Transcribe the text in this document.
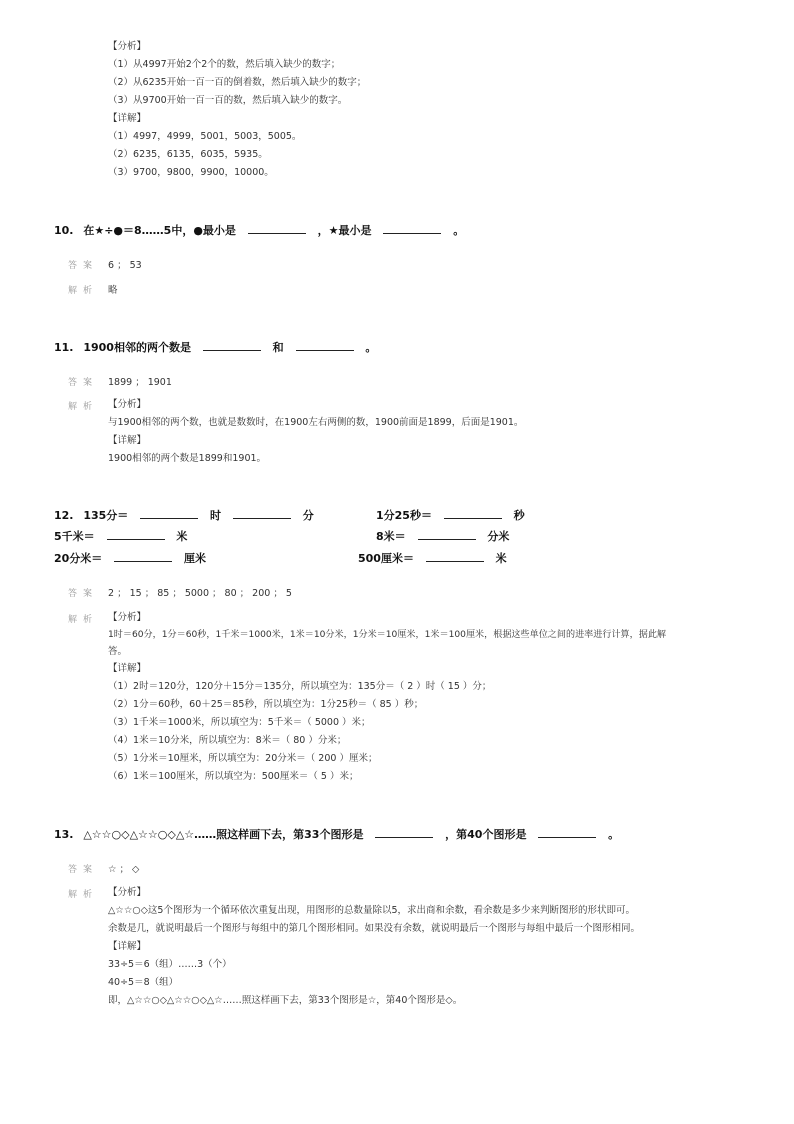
【分析】
（1）从4997开始2个2个的数，然后填入缺少的数字；
（2）从6235开始一百一百的倒着数，然后填入缺少的数字；
（3）从9700开始一百一百的数，然后填入缺少的数字。
【详解】
（1）4997，4999，5001，5003，5005。
（2）6235，6135，6035，5935。
（3）9700，9800，9900，10000。
10. 在★÷●＝8……5中，●最小是	，★最小是	。
答案 6 ； 53
解析 略
11. 1900相邻的两个数是	和	。
答案 1899 ； 1901
解析 【分析】
与1900相邻的两个数，也就是数数时，在1900左右两侧的数，1900前面是1899，后面是1901。
【详解】
1900相邻的两个数是1899和1901。
12. 135分＝	时	分	1分25秒＝	秒
5千米＝	米	8米＝	分米
20分米＝	厘米	500厘米＝	米
答案 2 ； 15 ； 85 ； 5000 ； 80 ； 200 ； 5
解析 【分析】
1时＝60分，1分＝60秒，1千米＝1000米，1米＝10分米，1分米＝10厘米，1米＝100厘米，根据这些单位之间的进率进行计算，据此解
答。
【详解】
（1）2时＝120分，120分＋15分＝135分，所以填空为：135分＝（ 2 ）时（ 15 ）分；
（2）1分＝60秒，60＋25＝85秒，所以填空为：1分25秒＝（ 85 ）秒；
（3）1千米＝1000米，所以填空为：5千米＝（ 5000 ）米；
（4）1米＝10分米，所以填空为：8米＝（ 80 ）分米；
（5）1分米＝10厘米，所以填空为：20分米＝（ 200 ）厘米；
（6）1米＝100厘米，所以填空为：500厘米＝（ 5 ）米；
13. △☆☆○◇△☆☆○◇△☆……照这样画下去，第33个图形是	，第40个图形是	。
答案 ☆ ； ◇
解析 【分析】
△☆☆○◇这5个图形为一个循环依次重复出现，用图形的总数量除以5，求出商和余数，看余数是多少来判断图形的形状即可。
余数是几，就说明最后一个图形与每组中的第几个图形相同。如果没有余数，就说明最后一个图形与每组中最后一个图形相同。
【详解】
33÷5＝6（组）……3（个）
40÷5＝8（组）
即，△☆☆○◇△☆☆○◇△☆……照这样画下去，第33个图形是☆，第40个图形是◇。
